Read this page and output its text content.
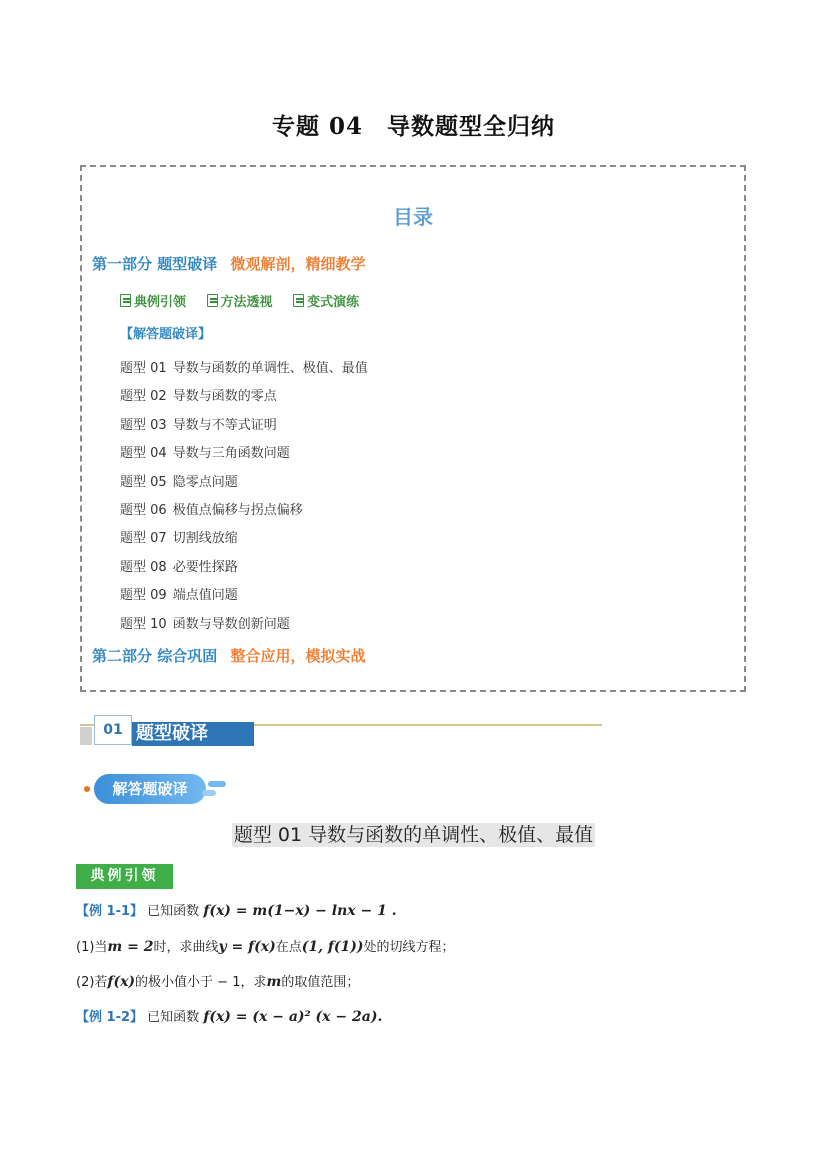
专题 04　导数题型全归纳
目录
第一部分 题型破译 微观解剖，精细教学
典例引领
	方法透视
	变式演练
【解答题破译】
题型 01 导数与函数的单调性、极值、最值
题型 02 导数与函数的零点
题型 03 导数与不等式证明
题型 04 导数与三角函数问题
题型 05 隐零点问题
题型 06 极值点偏移与拐点偏移
题型 07 切割线放缩
题型 08 必要性探路
题型 09 端点值问题
题型 10 函数与导数创新问题
第二部分 综合巩固 整合应用，模拟实战
01 题型破译
解答题破译
题型 01 导数与函数的单调性、极值、最值
典例引领
【例 1-1】 已知函数 f(x) = m(1−x) − lnx − 1 .
(1)当m = 2时，求曲线y = f(x)在点(1, f(1))处的切线方程；
(2)若f(x)的极小值小于 − 1，求m的取值范围；
【例 1-2】 已知函数 f(x) = (x − a)² (x − 2a).
